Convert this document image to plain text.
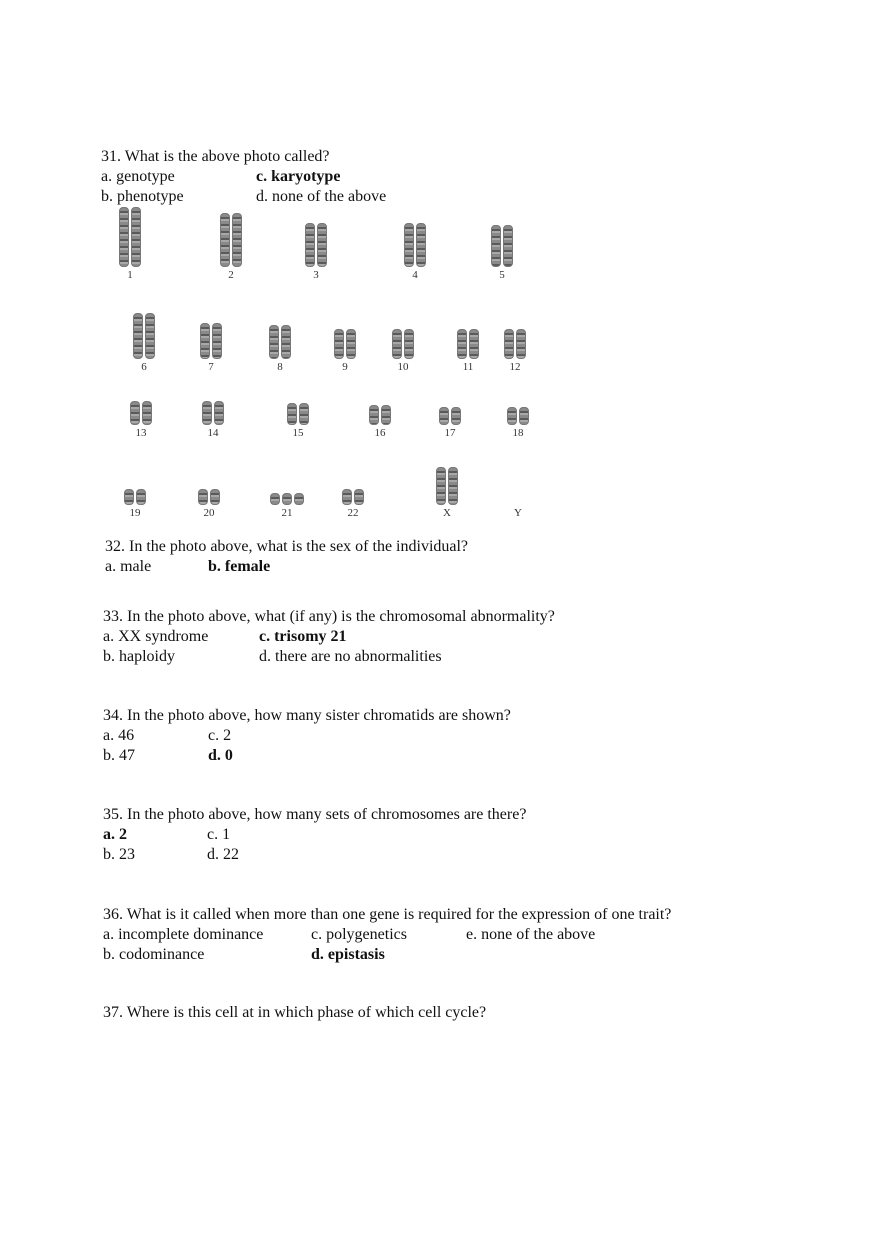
31. What is the above photo called?
a. genotype	c. karyotype
b. phenotype	d. none of the above
1	2	3	4	5
6	7	8	9	10	11	12
13	14	15	16	17	18
19	20	21	22	X	Y
32. In the photo above, what is the sex of the individual?
a. male	b. female
33. In the photo above, what (if any) is the chromosomal abnormality?
a. XX syndrome	c. trisomy 21
b. haploidy	d. there are no abnormalities
34. In the photo above, how many sister chromatids are shown?
a. 46	c. 2
b. 47	d. 0
35. In the photo above, how many sets of chromosomes are there?
a. 2	c. 1
b. 23	d. 22
36. What is it called when more than one gene is required for the expression of one trait?
a. incomplete dominance	c. polygenetics	e. none of the above
b. codominance	d. epistasis
37. Where is this cell at in which phase of which cell cycle?
